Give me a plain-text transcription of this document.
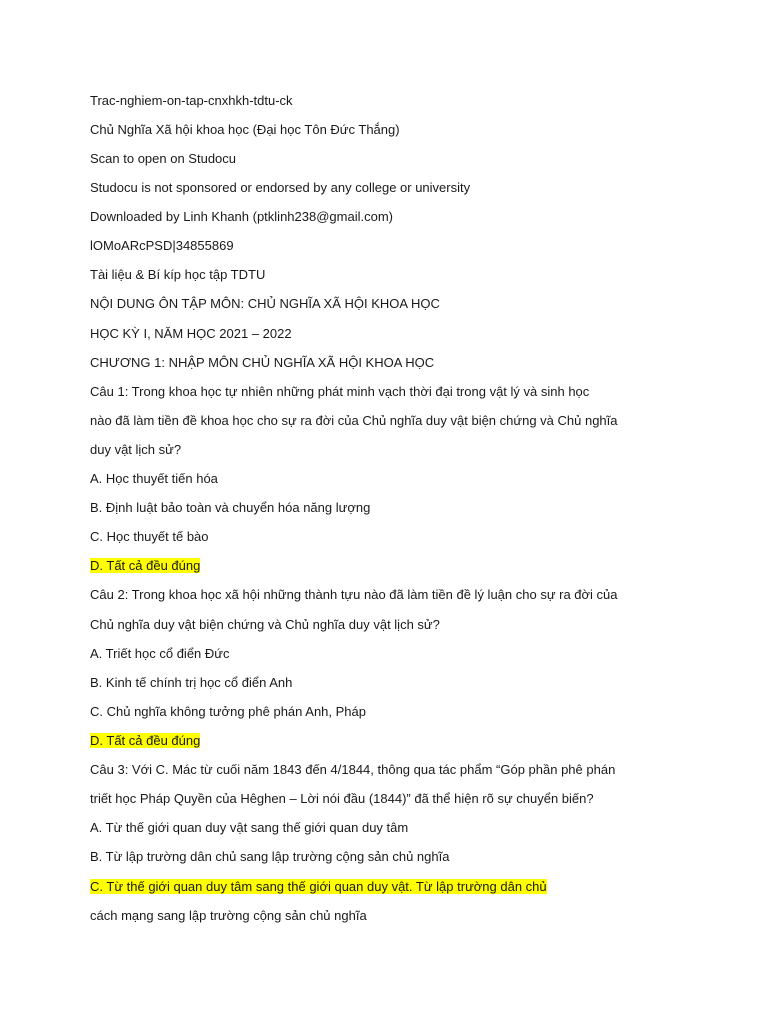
Trac-nghiem-on-tap-cnxhkh-tdtu-ck
Chủ Nghĩa Xã hội khoa học (Đại học Tôn Đức Thắng)
Scan to open on Studocu
Studocu is not sponsored or endorsed by any college or university
Downloaded by Linh Khanh (ptklinh238@gmail.com)
lOMoARcPSD|34855869
Tài liệu & Bí kíp học tập TDTU
NỘI DUNG ÔN TẬP MÔN: CHỦ NGHĨA XÃ HỘI KHOA HỌC
HỌC KỲ I, NĂM HỌC 2021 – 2022
CHƯƠNG 1: NHẬP MÔN CHỦ NGHĨA XÃ HỘI KHOA HỌC
Câu 1: Trong khoa học tự nhiên những phát minh vạch thời đại trong vật lý và sinh học
nào đã làm tiền đề khoa học cho sự ra đời của Chủ nghĩa duy vật biện chứng và Chủ nghĩa
duy vật lịch sử?
A. Học thuyết tiến hóa
B. Định luật bảo toàn và chuyển hóa năng lượng
C. Học thuyết tế bào
D. Tất cả đều đúng
Câu 2: Trong khoa học xã hội những thành tựu nào đã làm tiền đề lý luận cho sự ra đời của
Chủ nghĩa duy vật biện chứng và Chủ nghĩa duy vật lịch sử?
A. Triết học cổ điển Đức
B. Kinh tế chính trị học cổ điển Anh
C. Chủ nghĩa không tưởng phê phán Anh, Pháp
D. Tất cả đều đúng
Câu 3: Với C. Mác từ cuối năm 1843 đến 4/1844, thông qua tác phẩm “Góp phần phê phán
triết học Pháp Quyền của Hêghen – Lời nói đầu (1844)” đã thể hiện rõ sự chuyển biến?
A. Từ thế giới quan duy vật sang thế giới quan duy tâm
B. Từ lập trường dân chủ sang lập trường cộng sản chủ nghĩa
C. Từ thế giới quan duy tâm sang thế giới quan duy vật. Từ lập trường dân chủ
cách mạng sang lập trường cộng sản chủ nghĩa
